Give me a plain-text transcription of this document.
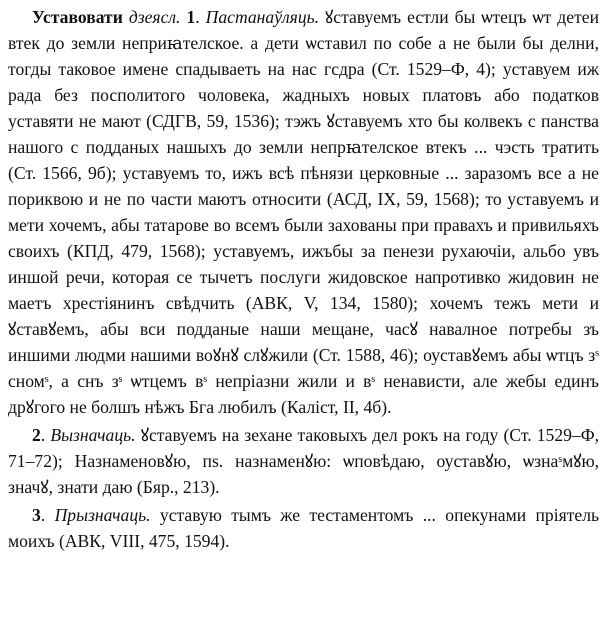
Уставовати дзеясл. 1. Пастанаўляць. ꙋставуемъ естли бы ѡтецъ ѡт детеи втек до земли неприꙗтелское. а дети ѡставил по собе а не были бы делни, тогды таковое имене спадываеть на нас гсдра (Ст. 1529–Ф, 4); уставуем иж рада без посполитого чоловека, жадныхъ новых платовъ або податков уставяти не мают (СДГВ, 59, 1536); тэжъ ꙋставуемъ хто бы колвекъ с панства нашого с подданых нашыхъ до земли непрꙗтелское втекъ ... чэсть тратить (Ст. 1566, 9б); уставуемъ то, ижъ всѣ пѣнязи церковные ... заразомъ все а не пориквою и не по части маютъ относити (АСД, IX, 59, 1568); то уставуемъ и мети хочемъ, абы татарове во всемъ были захованы при правахъ и привильяхъ своихъ (КПД, 479, 1568); уставуемъ, ижъбы за пенези рухаючіи, альбо увъ иншой речи, которая се тычетъ послуги жидовское напротивко жидовин не маетъ хрестіянинъ свѣдчить (АВК, V, 134, 1580); хочемъ тежъ мети и ꙋставꙋемъ, абы вси подданые наши мещане, часꙋ навалное потребы зъ иншими людми нашими воꙋнꙋ слꙋжили (Ст. 1588, 46); оуставꙋемъ абы ѡтцъ зˢ сномˢ, а снъ зˢ ѡтцемъ вˢ непріазни жили и вˢ ненависти, але жебы единъ дрꙋгого не болшъ нѣжъ Бга любилъ (Каліст, II, 4б).

2. Вызначаць. ꙋставуемъ на зехане таковыхъ дел рокъ на году (Ст. 1529–Ф, 71–72); Назнаменовꙋю, пѕ. назнаменꙋю: ѡповѣдаю, оуставꙋю, ѡзнаˢмꙋю, значꙋ, знати даю (Бяр., 213).

3. Прызначаць. уставую тымъ же тестаментомъ ... опекунами пріятель моихъ (АВК, VIII, 475, 1594).
